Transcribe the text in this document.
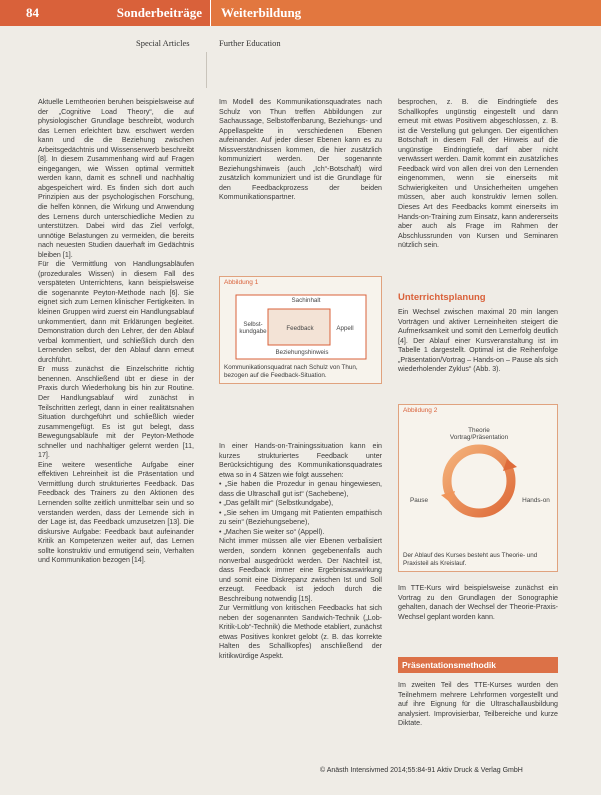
84	Sonderbeiträge Weiterbildung
Special Articles	Further Education

Aktuelle Lerntheorien beruhen beispielsweise auf der „Cognitive Load Theory“, die auf physiologischer Grundlage beschreibt, wodurch das Lernen erleichtert bzw. erschwert werden kann und die die Beziehung zwischen Arbeitsgedächtnis und Wissenserwerb beschreibt [8]. In diesem Zusammenhang wird auf Fragen eingegangen, wie Wissen optimal vermittelt werden kann, damit es schnell und nachhaltig abgespeichert wird. Es finden sich dort auch Prinzipien aus der psychologischen Forschung, die helfen können, die Wirkung und Anwendung des Lernens durch unterschiedliche Medien zu unterstützen. Dabei wird das Ziel verfolgt, unnötige Belastungen zu vermeiden, die bereits nach neuesten Studien dauerhaft im Gedächtnis bleiben [1].

Für die Vermittlung von Handlungsabläufen (prozedurales Wissen) in diesem Fall des verspäteten Unterrichtens, kann beispielsweise die sogenannte Peyton-Methode nach [6]. Sie eignet sich zum Lernen klinischer Fertigkeiten. In kleinen Gruppen wird zuerst ein Handlungsablauf unkommentiert, dann mit Erklärungen begleitet. Demonstration durch den Lehrer, der den Ablauf verbal kommentiert, und schließlich durch den Lernenden selbst, der den Ablauf dann erneut durchführt.

Er muss zunächst die Einzelschritte richtig benennen. Anschließend übt er diese in der Praxis durch Wiederholung bis hin zur Routine. Der Handlungsablauf wird zunächst in Teilschritten zerlegt, dann in einer realitätsnahen Situation durchgeführt und schließlich wieder zusammengefügt. Es ist gut belegt, dass Bewegungsabläufe mit der Peyton-Methode schneller und nachhaltiger gelernt werden [11, 17].

Eine weitere wesentliche Aufgabe einer effektiven Lehreinheit ist die Präsentation und Vermittlung durch strukturiertes Feedback. Das Feedback des Trainers zu den Aktionen des Lernenden sollte zeitlich unmittelbar sein und so verstanden werden, dass der Lernende sich in der Lage ist, das Feedback umzusetzen [13]. Die diskursive Aufgabe: Feedback baut aufeinander Kritik an Kompetenzen weiter auf, das Lernen sollte konstruktiv und ermutigend sein, Verhalten und Kommunikation bezogen [14].

Im Modell des Kommunikationsquadrates nach Schulz von Thun treffen Abbildungen zur Sachaussage, Selbstoffenbarung, Beziehungs- und Appellaspekte in verschiedenen Ebenen aufeinander. Auf jeder dieser Ebenen kann es zu Missverständnissen kommen, die hier zusätzlich kommuniziert werden. Der sogenannte Beziehungshinweis (auch „Ich“-Botschaft) wird zusätzlich kommuniziert und ist die Grundlage für den Feedbackprozess der beiden Kommunikationspartner.

Abbildung 1
Sachinhalt
Selbst-kundgabe	Feedback	Appell
Beziehungshinweis
Kommunikationsquadrat nach Schulz von Thun, bezogen auf die Feedback-Situation.

In einer Hands-on-Trainingssituation kann ein kurzes strukturiertes Feedback unter Berücksichtigung des Kommunikationsquadrates etwa so in 4 Sätzen wie folgt aussehen:

• „Sie haben die Prozedur in genau hingewiesen, dass die Ultraschall gut ist“ (Sachebene),

• „Das gefällt mir“ (Selbstkundgabe),

• „Sie sehen im Umgang mit Patienten empathisch zu sein“ (Beziehungsebene),

• „Machen Sie weiter so“ (Appell).

Nicht immer müssen alle vier Ebenen verbalisiert werden, sondern können gegebenenfalls auch nonverbal ausgedrückt werden. Der Nachteil ist, dass Feedback immer eine Ergebnisauswirkung und somit eine Diskrepanz zwischen Ist und Soll erzeugt. Feedback ist jedoch durch die Beschreibung notwendig [15].

Zur Vermittlung von kritischen Feedbacks hat sich neben der sogenannten Sandwich-Technik („Lob-Kritik-Lob“-Technik) die Methode etabliert, zunächst etwas Positives konkret gelobt (z. B. das korrekte Halten des Schallkopfes) anschließend der kritikwürdige Aspekt.

besprochen, z. B. die Eindringtiefe des Schallkopfes ungünstig eingestellt und dann erneut mit etwas Positivem abgeschlossen, z. B. ist die Verstellung gut gelungen. Der eigentlichen Botschaft in diesem Fall der Hinweis auf die ungünstige Eindringtiefe, darf aber nicht verwässert werden. Damit kommt ein zusätzliches Feedback wird von allen drei von den Lernenden eingenommen, wenn sie einerseits mit Schwierigkeiten und Unsicherheiten umgehen müssen, aber auch konstruktiv lernen sollen. Dieses Art des Feedbacks kommt einerseits im Hands-on-Training zum Einsatz, kann andererseits aber auch als Frage im Rahmen der Abschlussrunden von Kursen und Seminaren nützlich sein.

Unterrichtsplanung

Ein Wechsel zwischen maximal 20 min langen Vorträgen und aktiver Lerneinheiten steigert die Aufmerksamkeit und somit den Lernerfolg deutlich [4]. Der Ablauf einer Kursveranstaltung ist im Tabelle 1 dargestellt. Optimal ist die Reihenfolge „Präsentation/Vortrag – Hands-on – Pause als sich wiederholender Zyklus“ (Abb. 3).

Abbildung 2
Theorie Vortrag/Präsentation
Pause	Hands-on
Der Ablauf des Kurses besteht aus Theorie- und Praxisteil als Kreislauf.

Im TTE-Kurs wird beispielsweise zunächst ein Vortrag zu den Grundlagen der Sonographie gehalten, danach der Wechsel der Theorie-Praxis-Wechsel geplant worden kann.

Präsentationsmethodik

Im zweiten Teil des TTE-Kurses wurden den Teilnehmern mehrere Lehrformen vorgestellt und auf ihre Eignung für die Ultraschallausbildung analysiert. Improvisierbar, Teilbereiche und kurze Diktate.

© Anästh Intensivmed 2014;55:84-91 Aktiv Druck & Verlag GmbH
